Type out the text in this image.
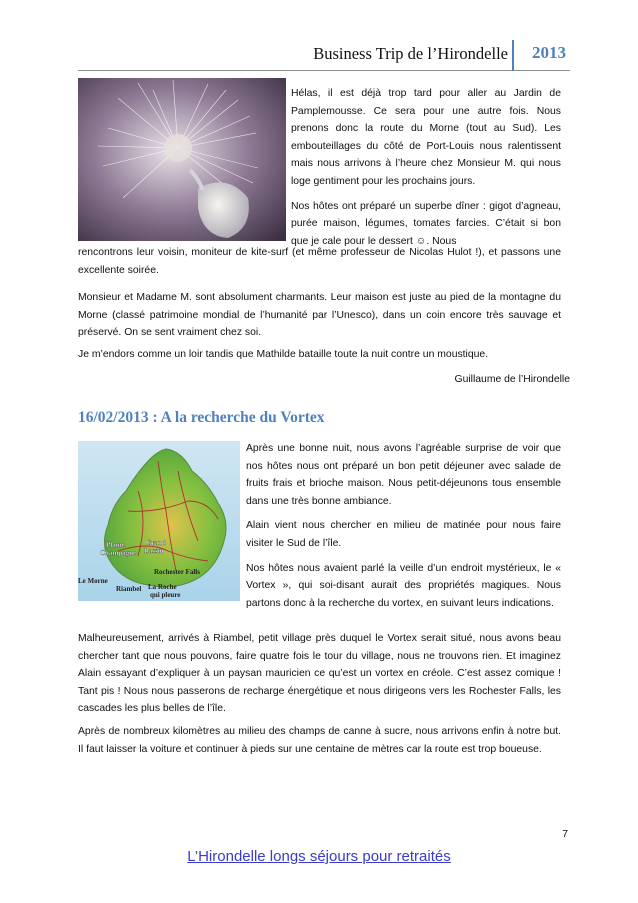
Business Trip de l’Hirondelle 2013

Hélas, il est déjà trop tard pour aller au Jardin de Pamplemousse. Ce sera pour une autre fois. Nous prenons donc la route du Morne (tout au Sud). Les embouteillages du côté de Port-Louis nous ralentissent mais nous arrivons à l’heure chez Monsieur M. qui nous loge gentiment pour les prochains jours.

Nos hôtes ont préparé un superbe dîner : gigot d’agneau, purée maison, légumes, tomates farcies. C’était si bon que je cale pour le dessert ☺. Nous

rencontrons leur voisin, moniteur de kite-surf (et même professeur de Nicolas Hulot !), et passons une excellente soirée.
Monsieur et Madame M. sont absolument charmants. Leur maison est juste au pied de la montagne du Morne (classé patrimoine mondial de l’humanité par l’Unesco), dans un coin encore très sauvage et préservé. On se sent vraiment chez soi.
Je m’endors comme un loir tandis que Mathilde bataille toute la nuit contre un moustique.
Guillaume de l’Hirondelle
16/02/2013 : A la recherche du Vortex
Plaine
Champagne
Grand
Bassin
Le Morne
Riambel
Rochester Falls
La Roche
qui pleure

Après une bonne nuit, nous avons l’agréable surprise de voir que nos hôtes nous ont préparé un bon petit déjeuner avec salade de fruits frais et brioche maison. Nous petit-déjeunons tous ensemble dans une très bonne ambiance.

Alain vient nous chercher en milieu de matinée pour nous faire visiter le Sud de l’île.

Nos hôtes nous avaient parlé la veille d’un endroit mystérieux, le « Vortex », qui soi-disant aurait des propriétés magiques. Nous partons donc à la recherche du vortex, en suivant leurs indications.

Malheureusement, arrivés à Riambel, petit village près duquel le Vortex serait situé, nous avons beau chercher tant que nous pouvons, faire quatre fois le tour du village, nous ne trouvons rien. Et imaginez Alain essayant d’expliquer à un paysan mauricien ce qu’est un vortex en créole. C’est assez comique ! Tant pis ! Nous nous passerons de recharge énergétique et nous dirigeons vers les Rochester Falls, les cascades les plus belles de l’île.
Après de nombreux kilomètres au milieu des champs de canne à sucre, nous arrivons enfin à notre but. Il faut laisser la voiture et continuer à pieds sur une centaine de mètres car la route est trop boueuse.
7
L’Hirondelle longs séjours pour retraités
